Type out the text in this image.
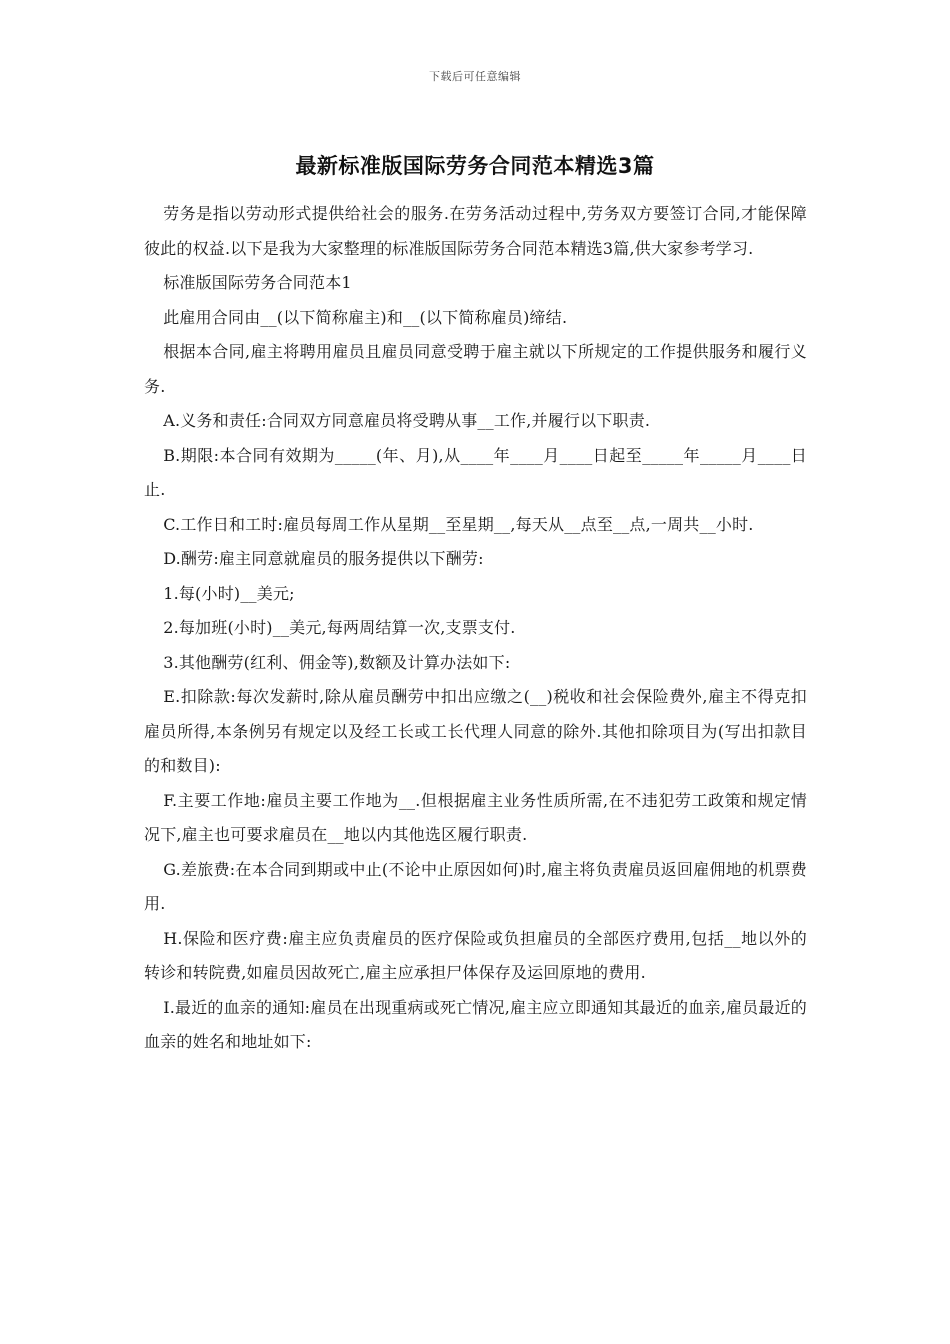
下载后可任意编辑
最新标准版国际劳务合同范本精选3篇

劳务是指以劳动形式提供给社会的服务.在劳务活动过程中,劳务双方要签订合同,才能保障彼此的权益.以下是我为大家整理的标准版国际劳务合同范本精选3篇,供大家参考学习.

标准版国际劳务合同范本1

此雇用合同由__(以下简称雇主)和__(以下简称雇员)缔结.

根据本合同,雇主将聘用雇员且雇员同意受聘于雇主就以下所规定的工作提供服务和履行义务.

A.义务和责任:合同双方同意雇员将受聘从事__工作,并履行以下职责.

B.期限:本合同有效期为_____(年、月),从____年____月____日起至_____年_____月____日止.

C.工作日和工时:雇员每周工作从星期__至星期__,每天从__点至__点,一周共__小时.

D.酬劳:雇主同意就雇员的服务提供以下酬劳:

1.每(小时)__美元;

2.每加班(小时)__美元,每两周结算一次,支票支付.

3.其他酬劳(红利、佣金等),数额及计算办法如下:

E.扣除款:每次发薪时,除从雇员酬劳中扣出应缴之(__)税收和社会保险费外,雇主不得克扣雇员所得,本条例另有规定以及经工长或工长代理人同意的除外.其他扣除项目为(写出扣款目的和数目):

F.主要工作地:雇员主要工作地为__.但根据雇主业务性质所需,在不违犯劳工政策和规定情况下,雇主也可要求雇员在__地以内其他选区履行职责.

G.差旅费:在本合同到期或中止(不论中止原因如何)时,雇主将负责雇员返回雇佣地的机票费用.

H.保险和医疗费:雇主应负责雇员的医疗保险或负担雇员的全部医疗费用,包括__地以外的转诊和转院费,如雇员因故死亡,雇主应承担尸体保存及运回原地的费用.

I.最近的血亲的通知:雇员在出现重病或死亡情况,雇主应立即通知其最近的血亲,雇员最近的血亲的姓名和地址如下:
